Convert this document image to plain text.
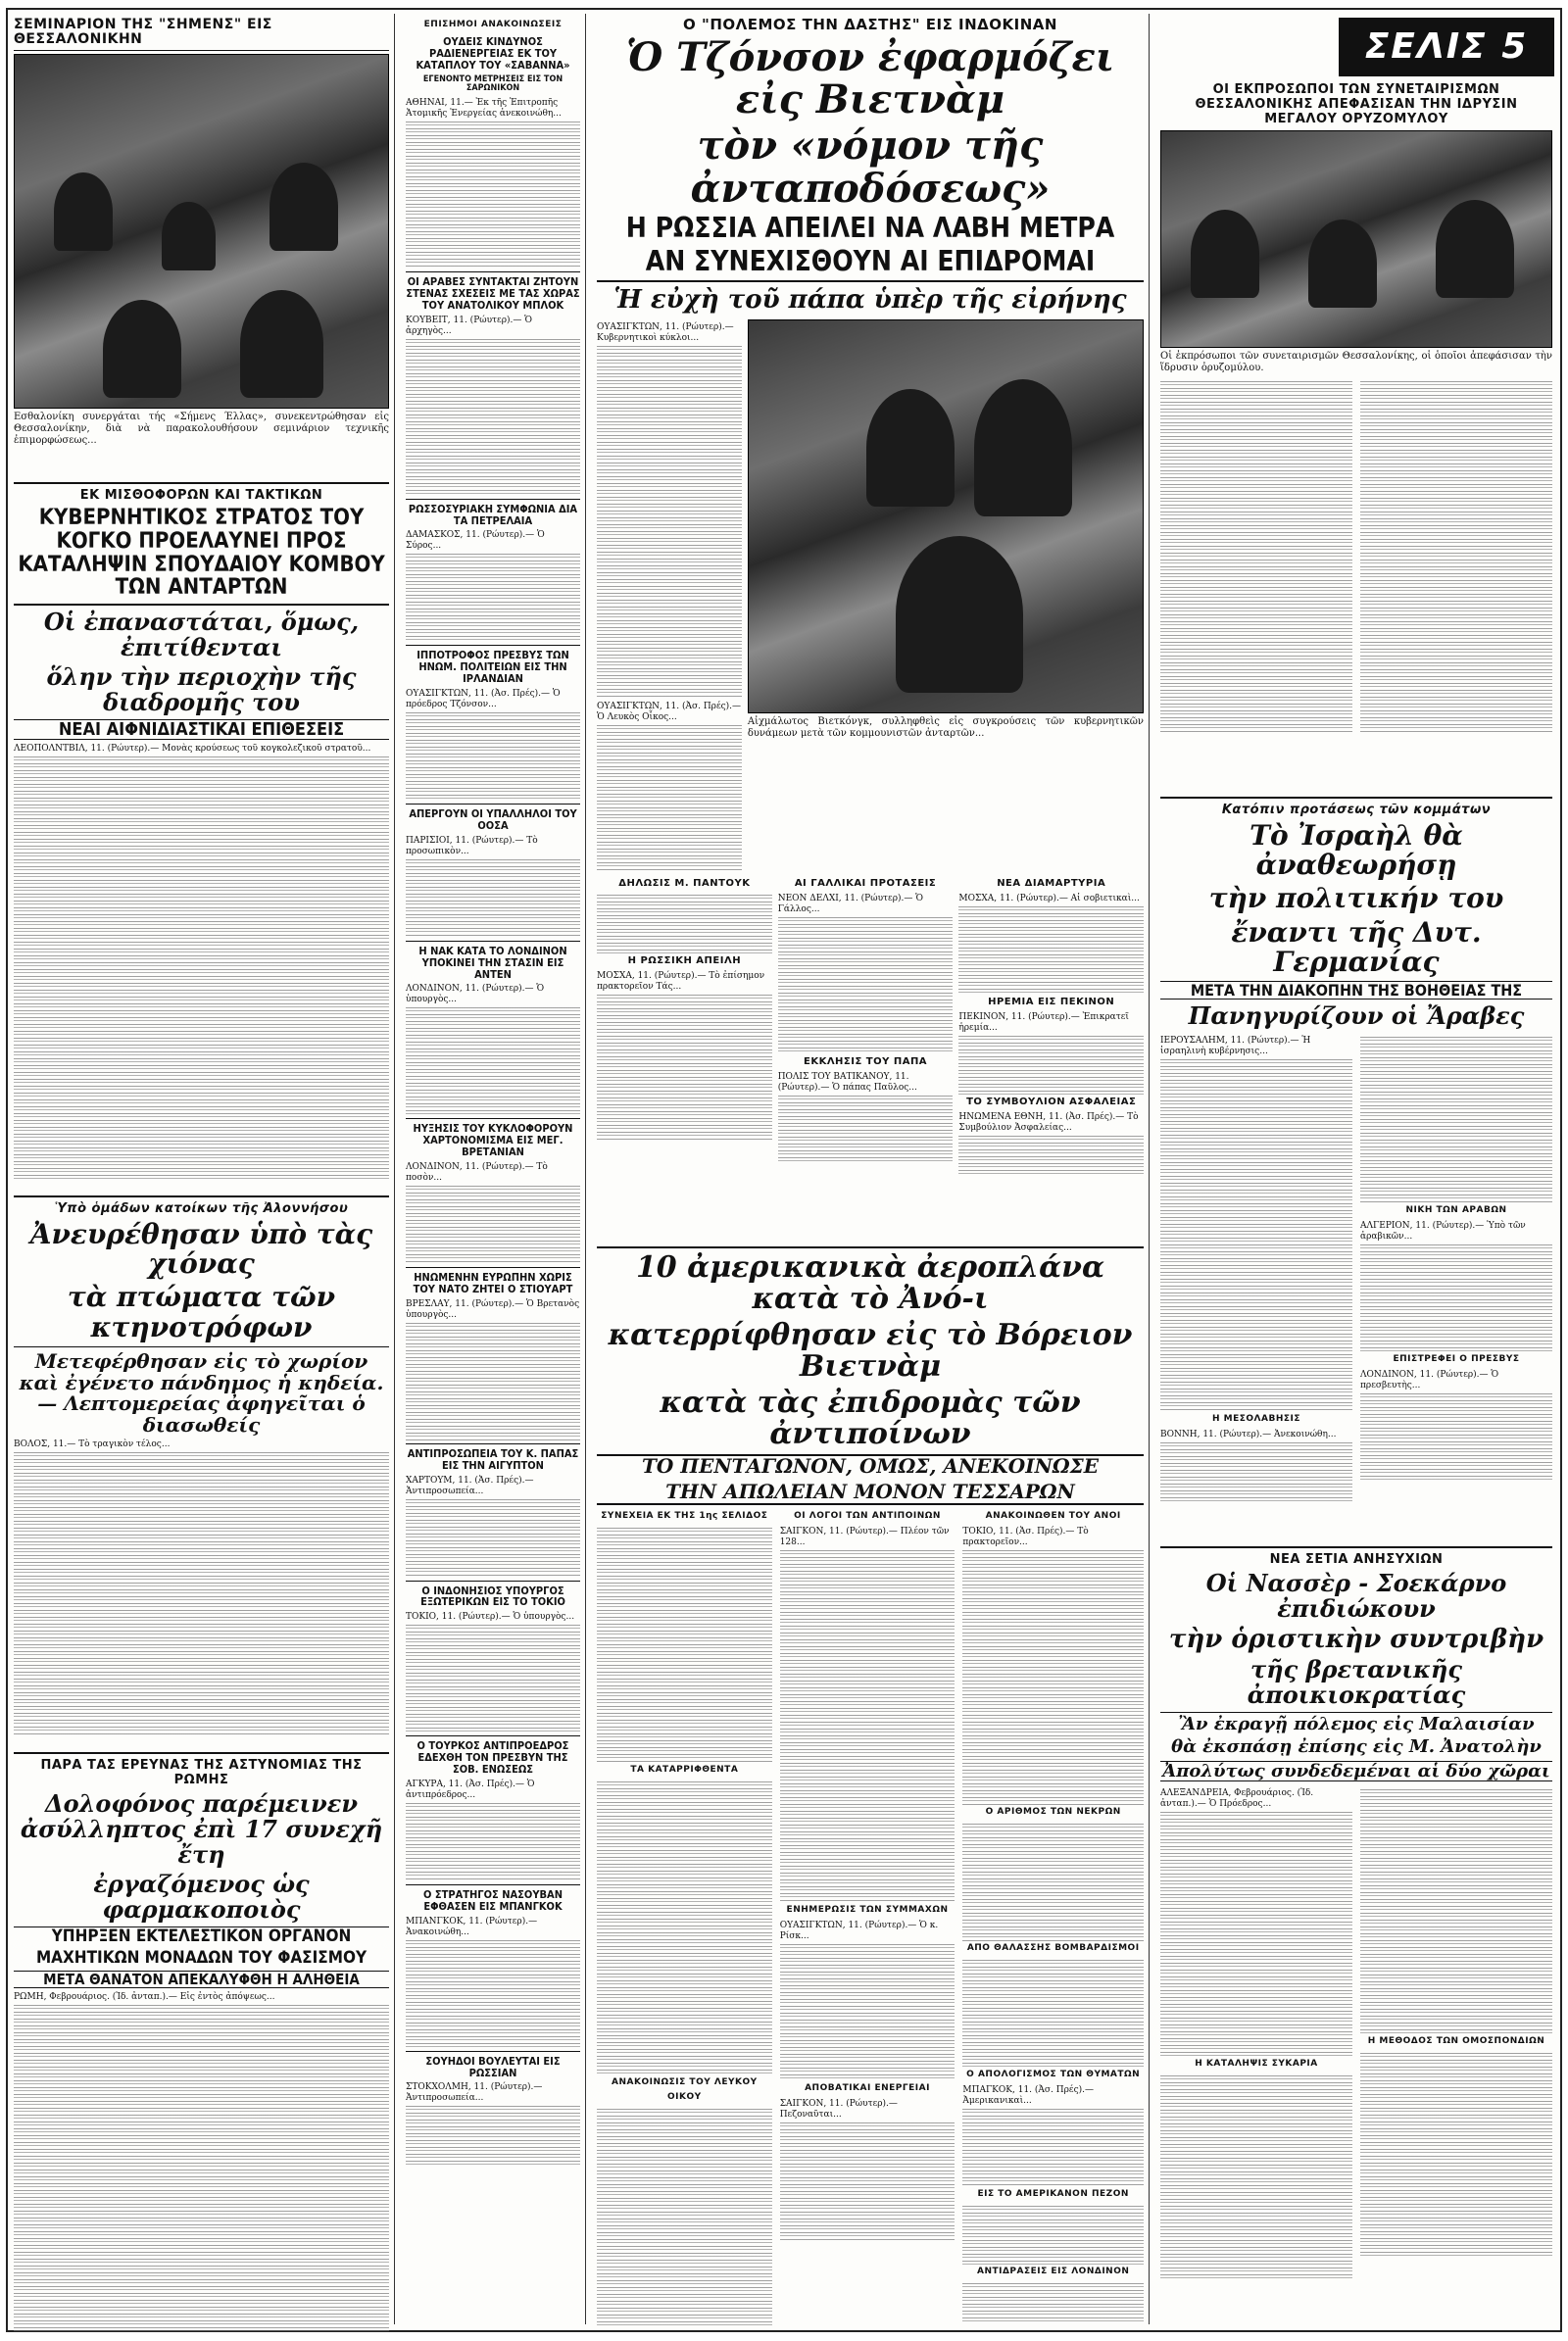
ΣΕΛΙΣ 5
ΣΕΜΙΝΑΡΙΟΝ ΤΗΣ "ΣΗΜΕΝΣ" ΕΙΣ ΘΕΣΣΑΛΟΝΙΚΗΝ
Εσθαλονίκη συνεργάται τής «Σήμενς Έλλας», συνεκεντρώθησαν εἰς Θεσσαλονίκην, διὰ νὰ παρακολουθήσουν σεμινάριον τεχνικῆς ἐπιμορφώσεως...
ΕΚ ΜΙΣΘΟΦΟΡΩΝ ΚΑΙ ΤΑΚΤΙΚΩΝ
ΚΥΒΕΡΝΗΤΙΚΟΣ ΣΤΡΑΤΟΣ ΤΟΥ ΚΟΓΚΟ ΠΡΟΕΛΑΥΝΕΙ ΠΡΟΣ ΚΑΤΑΛΗΨΙΝ ΣΠΟΥΔΑΙΟΥ ΚΟΜΒΟΥ ΤΩΝ ΑΝΤΑΡΤΩΝ
Οἱ ἐπαναστάται, ὅμως, ἐπιτίθενται
ὅλην τὴν περιοχὴν τῆς διαδρομῆς του
ΝΕΑΙ ΑΙΦΝΙΔΙΑΣΤΙΚΑΙ ΕΠΙΘΕΣΕΙΣ
ΛΕΟΠΟΛΝΤΒΙΛ, 11. (Ρώυτερ).— Μονὰς κρούσεως τοῦ κογκολεζικοῦ στρατοῦ...
Ὑπὸ ὁμάδων κατοίκων τῆς Ἀλοννήσου
Ἀνευρέθησαν ὑπὸ τὰς χιόνας
τὰ πτώματα τῶν κτηνοτρόφων
Μετεφέρθησαν εἰς τὸ χωρίον καὶ ἐγένετο πάνδημος ἡ κηδεία.— Λεπτομερείας ἀφηγεῖται ὁ διασωθείς
ΒΟΛΟΣ, 11.— Τὸ τραγικὸν τέλος...
ΠΑΡΑ ΤΑΣ ΕΡΕΥΝΑΣ ΤΗΣ ΑΣΤΥΝΟΜΙΑΣ ΤΗΣ ΡΩΜΗΣ
Δολοφόνος παρέμεινεν ἀσύλληπτος ἐπὶ 17 συνεχῆ ἔτη
ἐργαζόμενος ὡς φαρμακοποιὸς
ΥΠΗΡΞΕΝ ΕΚΤΕΛΕΣΤΙΚΟΝ ΟΡΓΑΝΟΝ
ΜΑΧΗΤΙΚΩΝ ΜΟΝΑΔΩΝ ΤΟΥ ΦΑΣΙΣΜΟΥ
ΜΕΤΑ ΘΑΝΑΤΟΝ ΑΠΕΚΑΛΥΦΘΗ Η ΑΛΗΘΕΙΑ
ΡΩΜΗ, Φεβρουάριος. (Ἰδ. ἀνταπ.).— Εἰς ἐντὸς ἀπόψεως...
ΕΠΙΣΗΜΟΙ ΑΝΑΚΟΙΝΩΣΕΙΣ
ΟΥΔΕΙΣ ΚΙΝΔΥΝΟΣ ΡΑΔΙΕΝΕΡΓΕΙΑΣ ΕΚ ΤΟΥ ΚΑΤΑΠΛΟΥ ΤΟΥ «ΣΑΒΑΝΝΑ»
ΕΓΕΝΟΝΤΟ ΜΕΤΡΗΣΕΙΣ ΕΙΣ ΤΟΝ ΣΑΡΩΝΙΚΟΝ
ΑΘΗΝΑΙ, 11.— Ἐκ τῆς Ἐπιτροπῆς Ἀτομικῆς Ἐνεργείας ἀνεκοινώθη...
ΟΙ ΑΡΑΒΕΣ ΣΥΝΤΑΚΤΑΙ ΖΗΤΟΥΝ ΣΤΕΝΑΣ ΣΧΕΣΕΙΣ ΜΕ ΤΑΣ ΧΩΡΑΣ ΤΟΥ ΑΝΑΤΟΛΙΚΟΥ ΜΠΛΟΚ
ΚΟΥΒΕΙΤ, 11. (Ρώυτερ).— Ὁ ἀρχηγὸς...
ΡΩΣΣΟΣΥΡΙΑΚΗ ΣΥΜΦΩΝΙΑ ΔΙΑ ΤΑ ΠΕΤΡΕΛΑΙΑ
ΔΑΜΑΣΚΟΣ, 11. (Ρώυτερ).— Ὁ Σύρος...
ΙΠΠΟΤΡΟΦΟΣ ΠΡΕΣΒΥΣ ΤΩΝ ΗΝΩΜ. ΠΟΛΙΤΕΙΩΝ ΕΙΣ ΤΗΝ ΙΡΛΑΝΔΙΑΝ
ΟΥΑΣΙΓΚΤΩΝ, 11. (Ἀσ. Πρές).— Ὁ πρόεδρος Τζόνσον...
ΑΠΕΡΓΟΥΝ ΟΙ ΥΠΑΛΛΗΛΟΙ ΤΟΥ ΟΟΣΑ
ΠΑΡΙΣΙΟΙ, 11. (Ρώυτερ).— Τὸ προσωπικὸν...
Η ΝΑΚ ΚΑΤΑ ΤΟ ΛΟΝΔΙΝΟΝ ΥΠΟΚΙΝΕΙ ΤΗΝ ΣΤΑΣΙΝ ΕΙΣ ΑΝΤΕΝ
ΛΟΝΔΙΝΟΝ, 11. (Ρώυτερ).— Ὁ ὑπουργὸς...
ΗΥΞΗΣΙΣ ΤΟΥ ΚΥΚΛΟΦΟΡΟΥΝ ΧΑΡΤΟΝΟΜΙΣΜΑ ΕΙΣ ΜΕΓ. ΒΡΕΤΑΝΙΑΝ
ΛΟΝΔΙΝΟΝ, 11. (Ρώυτερ).— Τὸ ποσὸν...
ΗΝΩΜΕΝΗΝ ΕΥΡΩΠΗΝ ΧΩΡΙΣ ΤΟΥ ΝΑΤΟ ΖΗΤΕΙ Ο ΣΤΙΟΥΑΡΤ
ΒΡΕΣΛΑΥ, 11. (Ρώυτερ).— Ὁ Βρετανὸς ὑπουργὸς...
ΑΝΤΙΠΡΟΣΩΠΕΙΑ ΤΟΥ Κ. ΠΑΠΑΣ ΕΙΣ ΤΗΝ ΑΙΓΥΠΤΟΝ
ΧΑΡΤΟΥΜ, 11. (Ἀσ. Πρές).— Ἀντιπροσωπεία...
Ο ΙΝΔΟΝΗΣΙΟΣ ΥΠΟΥΡΓΟΣ ΕΞΩΤΕΡΙΚΩΝ ΕΙΣ ΤΟ ΤΟΚΙΟ
ΤΟΚΙΟ, 11. (Ρώυτερ).— Ὁ ὑπουργὸς...
Ο ΤΟΥΡΚΟΣ ΑΝΤΙΠΡΟΕΔΡΟΣ ΕΔΕΧΘΗ ΤΟΝ ΠΡΕΣΒΥΝ ΤΗΣ ΣΟΒ. ΕΝΩΣΕΩΣ
ΑΓΚΥΡΑ, 11. (Ἀσ. Πρές).— Ὁ ἀντιπρόεδρος...
Ο ΣΤΡΑΤΗΓΟΣ ΝΑΣΟΥΒΑΝ ΕΦΘΑΣΕΝ ΕΙΣ ΜΠΑΝΓΚΟΚ
ΜΠΑΝΓΚΟΚ, 11. (Ρώυτερ).— Ἀνακοινώθη...
ΣΟΥΗΔΟΙ ΒΟΥΛΕΥΤΑΙ ΕΙΣ ΡΩΣΣΙΑΝ
ΣΤΟΚΧΟΛΜΗ, 11. (Ρώυτερ).— Ἀντιπροσωπεία...
Ο "ΠΟΛΕΜΟΣ ΤΗΝ ΔΑΣΤΗΣ" ΕΙΣ ΙΝΔΟΚΙΝΑΝ
Ὁ Τζόνσον ἐφαρμόζει εἰς Βιετνὰμ
τὸν «νόμον τῆς ἀνταποδόσεως»
Η ΡΩΣΣΙΑ ΑΠΕΙΛΕΙ ΝΑ ΛΑΒΗ ΜΕΤΡΑ
ΑΝ ΣΥΝΕΧΙΣΘΟΥΝ ΑΙ ΕΠΙΔΡΟΜΑΙ
Ἡ εὐχὴ τοῦ πάπα ὑπὲρ τῆς εἰρήνης
ΟΥΑΣΙΓΚΤΩΝ, 11. (Ρώυτερ).— Κυβερνητικοὶ κύκλοι...
ΟΥΑΣΙΓΚΤΩΝ, 11. (Ἀσ. Πρές).— Ὁ Λευκὸς Οἶκος...	Αἰχμάλωτος Βιετκόνγκ, συλληφθεὶς εἰς συγκρούσεις τῶν κυβερνητικῶν δυνάμεων μετὰ τῶν κομμουνιστῶν ἀνταρτῶν...
ΔΗΛΩΣΙΣ Μ. ΠΑΝΤΟΥΚ
Η ΡΩΣΣΙΚΗ ΑΠΕΙΛΗ
ΜΟΣΧΑ, 11. (Ρώυτερ).— Τὸ ἐπίσημον πρακτορεῖον Τάς...
ΑΙ ΓΑΛΛΙΚΑΙ ΠΡΟΤΑΣΕΙΣ
ΝΕΟΝ ΔΕΛΧΙ, 11. (Ρώυτερ).— Ὁ Γάλλος...
ΕΚΚΛΗΣΙΣ ΤΟΥ ΠΑΠΑ
ΠΟΛΙΣ ΤΟΥ ΒΑΤΙΚΑΝΟΥ, 11. (Ρώυτερ).— Ὁ πάπας Παῦλος...
ΝΕΑ ΔΙΑΜΑΡΤΥΡΙΑ
ΜΟΣΧΑ, 11. (Ρώυτερ).— Αἱ σοβιετικαὶ...
ΗΡΕΜΙΑ ΕΙΣ ΠΕΚΙΝΟΝ
ΠΕΚΙΝΟΝ, 11. (Ρώυτερ).— Ἐπικρατεῖ ἡρεμία...
ΤΟ ΣΥΜΒΟΥΛΙΟΝ ΑΣΦΑΛΕΙΑΣ
ΗΝΩΜΕΝΑ ΕΘΝΗ, 11. (Ἀσ. Πρές).— Τὸ Συμβούλιον Ἀσφαλείας...
10 ἀμερικανικὰ ἀεροπλάνα κατὰ τὸ Ἀνό-ι
κατερρίφθησαν εἰς τὸ Βόρειον Βιετνὰμ
κατὰ τὰς ἐπιδρομὰς τῶν ἀντιποίνων
ΤΟ ΠΕΝΤΑΓΩΝΟΝ, ΟΜΩΣ, ΑΝΕΚΟΙΝΩΣΕ
ΤΗΝ ΑΠΩΛΕΙΑΝ ΜΟΝΟΝ ΤΕΣΣΑΡΩΝ
ΣΥΝΕΧΕΙΑ ΕΚ ΤΗΣ 1ης ΣΕΛΙΔΟΣ
ΤΑ ΚΑΤΑΡΡΙΦΘΕΝΤΑ
ΑΝΑΚΟΙΝΩΣΙΣ ΤΟΥ ΛΕΥΚΟΥ ΟΙΚΟΥ
ΟΙ ΛΟΓΟΙ ΤΩΝ ΑΝΤΙΠΟΙΝΩΝ
ΣΑΙΓΚΟΝ, 11. (Ρώυτερ).— Πλέον τῶν 128...
ΕΝΗΜΕΡΩΣΙΣ ΤΩΝ ΣΥΜΜΑΧΩΝ
ΟΥΑΣΙΓΚΤΩΝ, 11. (Ρώυτερ).— Ὁ κ. Ρίσκ...
ΑΠΟΒΑΤΙΚΑΙ ΕΝΕΡΓΕΙΑΙ
ΣΑΙΓΚΟΝ, 11. (Ρώυτερ).— Πεζοναῦται...
ΑΝΑΚΟΙΝΩΘΕΝ ΤΟΥ ΑΝΟΙ
ΤΟΚΙΟ, 11. (Ἀσ. Πρές).— Τὸ πρακτορεῖον...
Ο ΑΡΙΘΜΟΣ ΤΩΝ ΝΕΚΡΩΝ
ΑΠΟ ΘΑΛΑΣΣΗΣ ΒΟΜΒΑΡΔΙΣΜΟΙ
Ο ΑΠΟΛΟΓΙΣΜΟΣ ΤΩΝ ΘΥΜΑΤΩΝ
ΜΠΑΓΚΟΚ, 11. (Ἀσ. Πρές).— Ἀμερικανικαὶ...
ΕΙΣ ΤΟ ΑΜΕΡΙΚΑΝΟΝ ΠΕΖΟΝ
ΑΝΤΙΔΡΑΣΕΙΣ ΕΙΣ ΛΟΝΔΙΝΟΝ
ΟΙ ΕΚΠΡΟΣΩΠΟΙ ΤΩΝ ΣΥΝΕΤΑΙΡΙΣΜΩΝ ΘΕΣΣΑΛΟΝΙΚΗΣ ΑΠΕΦΑΣΙΣΑΝ ΤΗΝ ΙΔΡΥΣΙΝ ΜΕΓΑΛΟΥ ΟΡΥΖΟΜΥΛΟΥ
Οἱ ἐκπρόσωποι τῶν συνεταιρισμῶν Θεσσαλονίκης, οἱ ὁποῖοι ἀπεφάσισαν τὴν ἵδρυσιν ὀρυζομύλου.
Κατόπιν προτάσεως τῶν κομμάτων
Τὸ Ἰσραὴλ θὰ ἀναθεωρήσῃ
τὴν πολιτικήν του
ἔναντι τῆς Δυτ. Γερμανίας
ΜΕΤΑ ΤΗΝ ΔΙΑΚΟΠΗΝ ΤΗΣ ΒΟΗΘΕΙΑΣ ΤΗΣ
Πανηγυρίζουν οἱ Ἄραβες
ΙΕΡΟΥΣΑΛΗΜ, 11. (Ρώυτερ).— Ἡ ἰσραηλινὴ κυβέρνησις...
Η ΜΕΣΟΛΑΒΗΣΙΣ
ΒΟΝΝΗ, 11. (Ρώυτερ).— Ἀνεκοινώθη...
ΝΙΚΗ ΤΩΝ ΑΡΑΒΩΝ
ΑΛΓΕΡΙΟΝ, 11. (Ρώυτερ).— Ὑπὸ τῶν ἀραβικῶν...
ΕΠΙΣΤΡΕΦΕΙ Ο ΠΡΕΣΒΥΣ
ΛΟΝΔΙΝΟΝ, 11. (Ρώυτερ).— Ὁ πρεσβευτὴς...
ΝΕΑ ΣΕΤΙΑ ΑΝΗΣΥΧΙΩΝ
Οἱ Νασσὲρ - Σοεκάρνο ἐπιδιώκουν
τὴν ὁριστικὴν συντριβὴν
τῆς βρετανικῆς ἀποικιοκρατίας
Ἂν ἐκραγῇ πόλεμος εἰς Μαλαισίαν
θὰ ἐκσπάσῃ ἐπίσης εἰς Μ. Ἀνατολὴν
Ἀπολύτως συνδεδεμέναι αἱ δύο χῶραι
ΑΛΕΞΑΝΔΡΕΙΑ, Φεβρουάριος. (Ἰδ. ἀνταπ.).— Ὁ Πρόεδρος...
Η ΚΑΤΑΛΗΨΙΣ ΣΥΚΑΡΙΑ
Η ΜΕΘΟΔΟΣ ΤΩΝ ΟΜΟΣΠΟΝΔΙΩΝ
